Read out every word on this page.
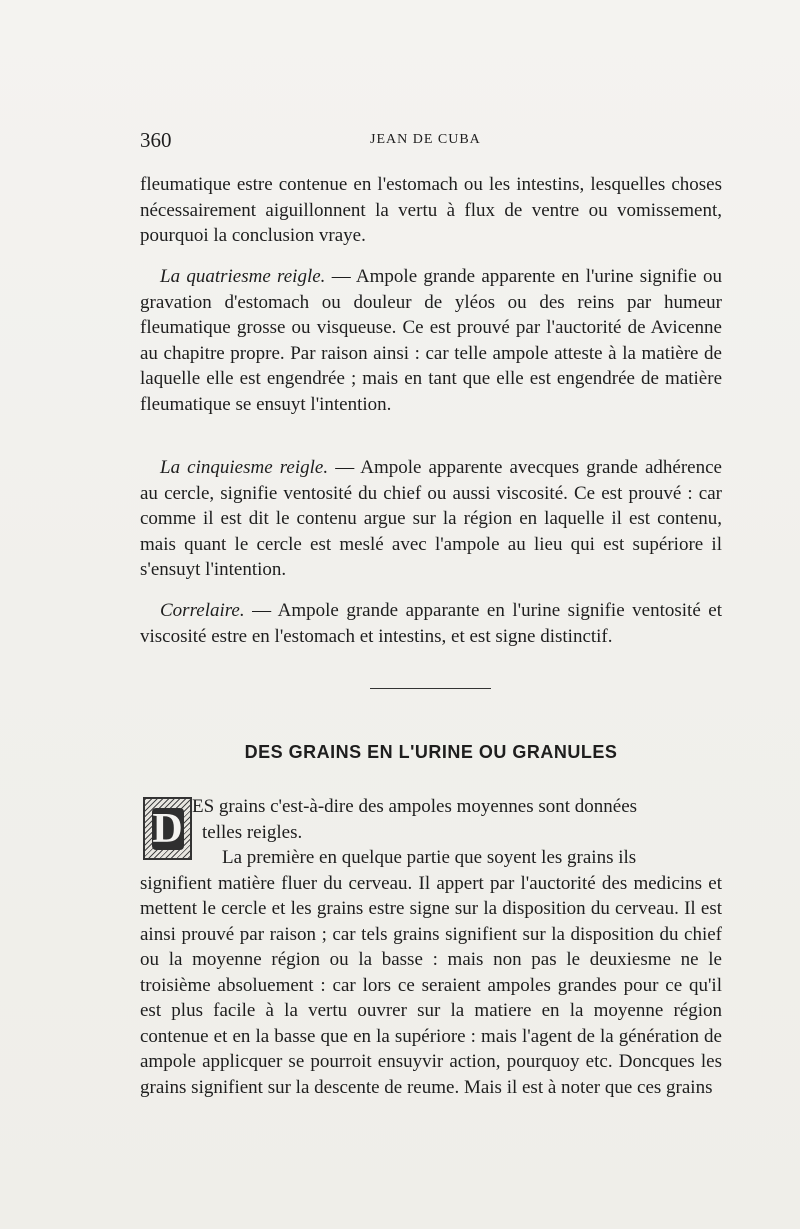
360	JEAN DE CUBA

fleumatique estre contenue en l'estomach ou les intestins, lesquelles choses nécessairement aiguillonnent la vertu à flux de ventre ou vomissement, pourquoi la conclusion vraye.

La quatriesme reigle. — Ampole grande apparente en l'urine signifie ou gravation d'estomach ou douleur de yléos ou des reins par humeur fleumatique grosse ou visqueuse. Ce est prouvé par l'auctorité de Avicenne au chapitre propre. Par raison ainsi : car telle ampole atteste à la matière de laquelle elle est engendrée ; mais en tant que elle est engendrée de matière fleumatique se ensuyt l'intention.

La cinquiesme reigle. — Ampole apparente avecques grande adhérence au cercle, signifie ventosité du chief ou aussi viscosité. Ce est prouvé : car comme il est dit le contenu argue sur la région en laquelle il est contenu, mais quant le cercle est meslé avec l'ampole au lieu qui est supériore il s'ensuyt l'intention.

Correlaire. — Ampole grande apparante en l'urine signifie ventosité et viscosité estre en l'estomach et intestins, et est signe distinctif.

DES GRAINS EN L'URINE OU GRANULES
D ES grains c'est-à-dire des ampoles moyennes sont données
telles reigles.
La première en quelque partie que soyent les grains ils
signifient matière fluer du cerveau. Il appert par l'auctorité des medicins et mettent le cercle et les grains estre signe sur la disposition du cerveau. Il est ainsi prouvé par raison ; car tels grains signifient sur la disposition du chief ou la moyenne région ou la basse : mais non pas le deuxiesme ne le troisième absoluement : car lors ce seraient ampoles grandes pour ce qu'il est plus facile à la vertu ouvrer sur la matiere en la moyenne région contenue et en la basse que en la supériore : mais l'agent de la génération de ampole applicquer se pourroit ensuyvir action, pourquoy etc. Doncques les grains signifient sur la descente de reume. Mais il est à noter que ces grains
